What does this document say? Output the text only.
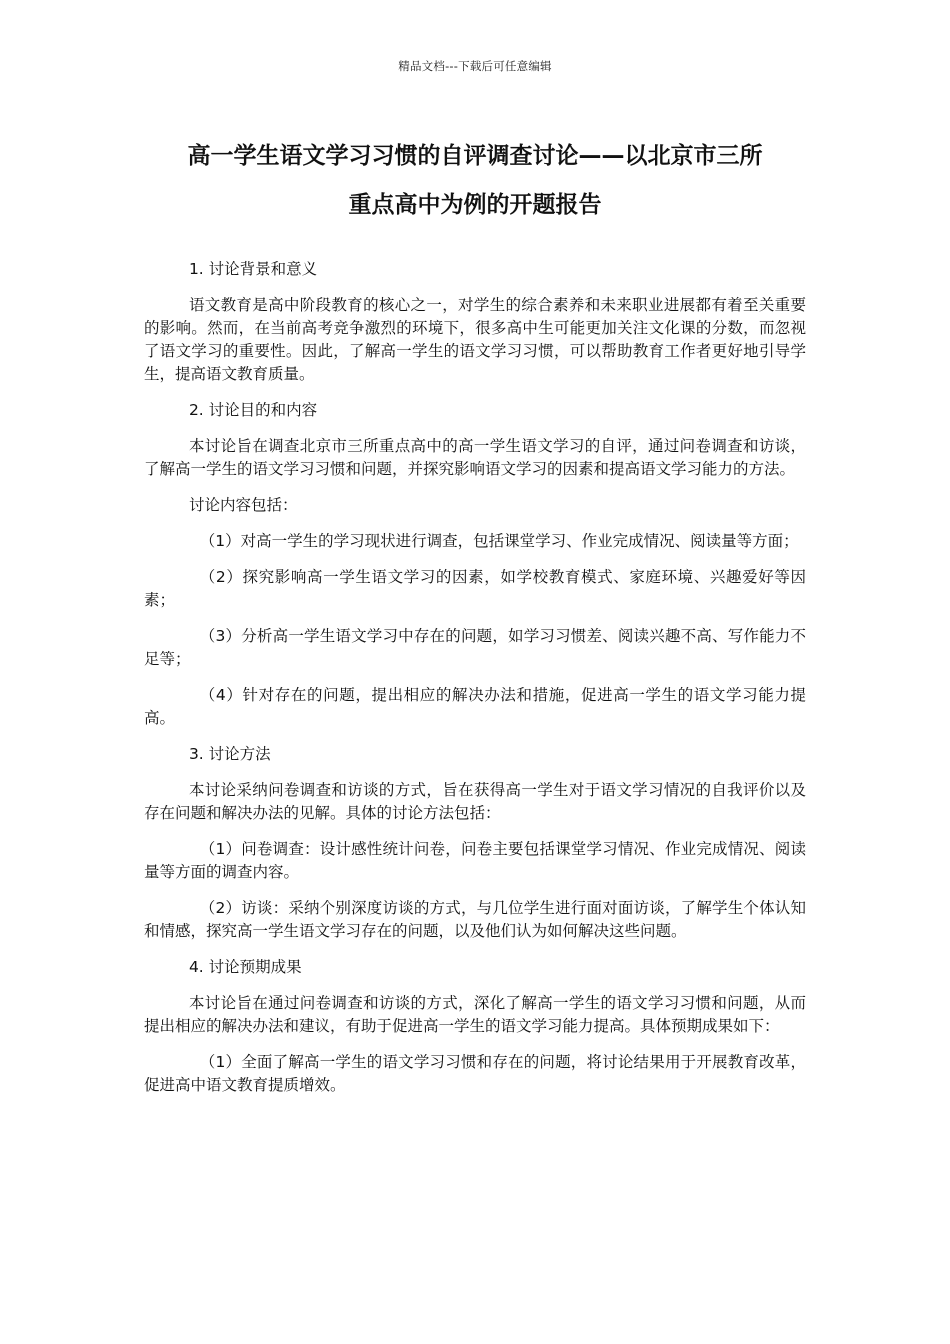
精品文档---下载后可任意编辑
高一学生语文学习习惯的自评调查讨论——以北京市三所
重点高中为例的开题报告

1. 讨论背景和意义

语文教育是高中阶段教育的核心之一，对学生的综合素养和未来职业进展都有着至关重要的影响。然而，在当前高考竞争激烈的环境下，很多高中生可能更加关注文化课的分数，而忽视了语文学习的重要性。因此，了解高一学生的语文学习习惯，可以帮助教育工作者更好地引导学生，提高语文教育质量。

2. 讨论目的和内容

本讨论旨在调查北京市三所重点高中的高一学生语文学习的自评，通过问卷调查和访谈，了解高一学生的语文学习习惯和问题，并探究影响语文学习的因素和提高语文学习能力的方法。

讨论内容包括：

（1）对高一学生的学习现状进行调查，包括课堂学习、作业完成情况、阅读量等方面；

（2）探究影响高一学生语文学习的因素，如学校教育模式、家庭环境、兴趣爱好等因素；

（3）分析高一学生语文学习中存在的问题，如学习习惯差、阅读兴趣不高、写作能力不足等；

（4）针对存在的问题，提出相应的解决办法和措施，促进高一学生的语文学习能力提高。

3. 讨论方法

本讨论采纳问卷调查和访谈的方式，旨在获得高一学生对于语文学习情况的自我评价以及存在问题和解决办法的见解。具体的讨论方法包括：

（1）问卷调查：设计感性统计问卷，问卷主要包括课堂学习情况、作业完成情况、阅读量等方面的调查内容。

（2）访谈：采纳个别深度访谈的方式，与几位学生进行面对面访谈，了解学生个体认知和情感，探究高一学生语文学习存在的问题，以及他们认为如何解决这些问题。

4. 讨论预期成果

本讨论旨在通过问卷调查和访谈的方式，深化了解高一学生的语文学习习惯和问题，从而提出相应的解决办法和建议，有助于促进高一学生的语文学习能力提高。具体预期成果如下：

（1）全面了解高一学生的语文学习习惯和存在的问题，将讨论结果用于开展教育改革，促进高中语文教育提质增效。
